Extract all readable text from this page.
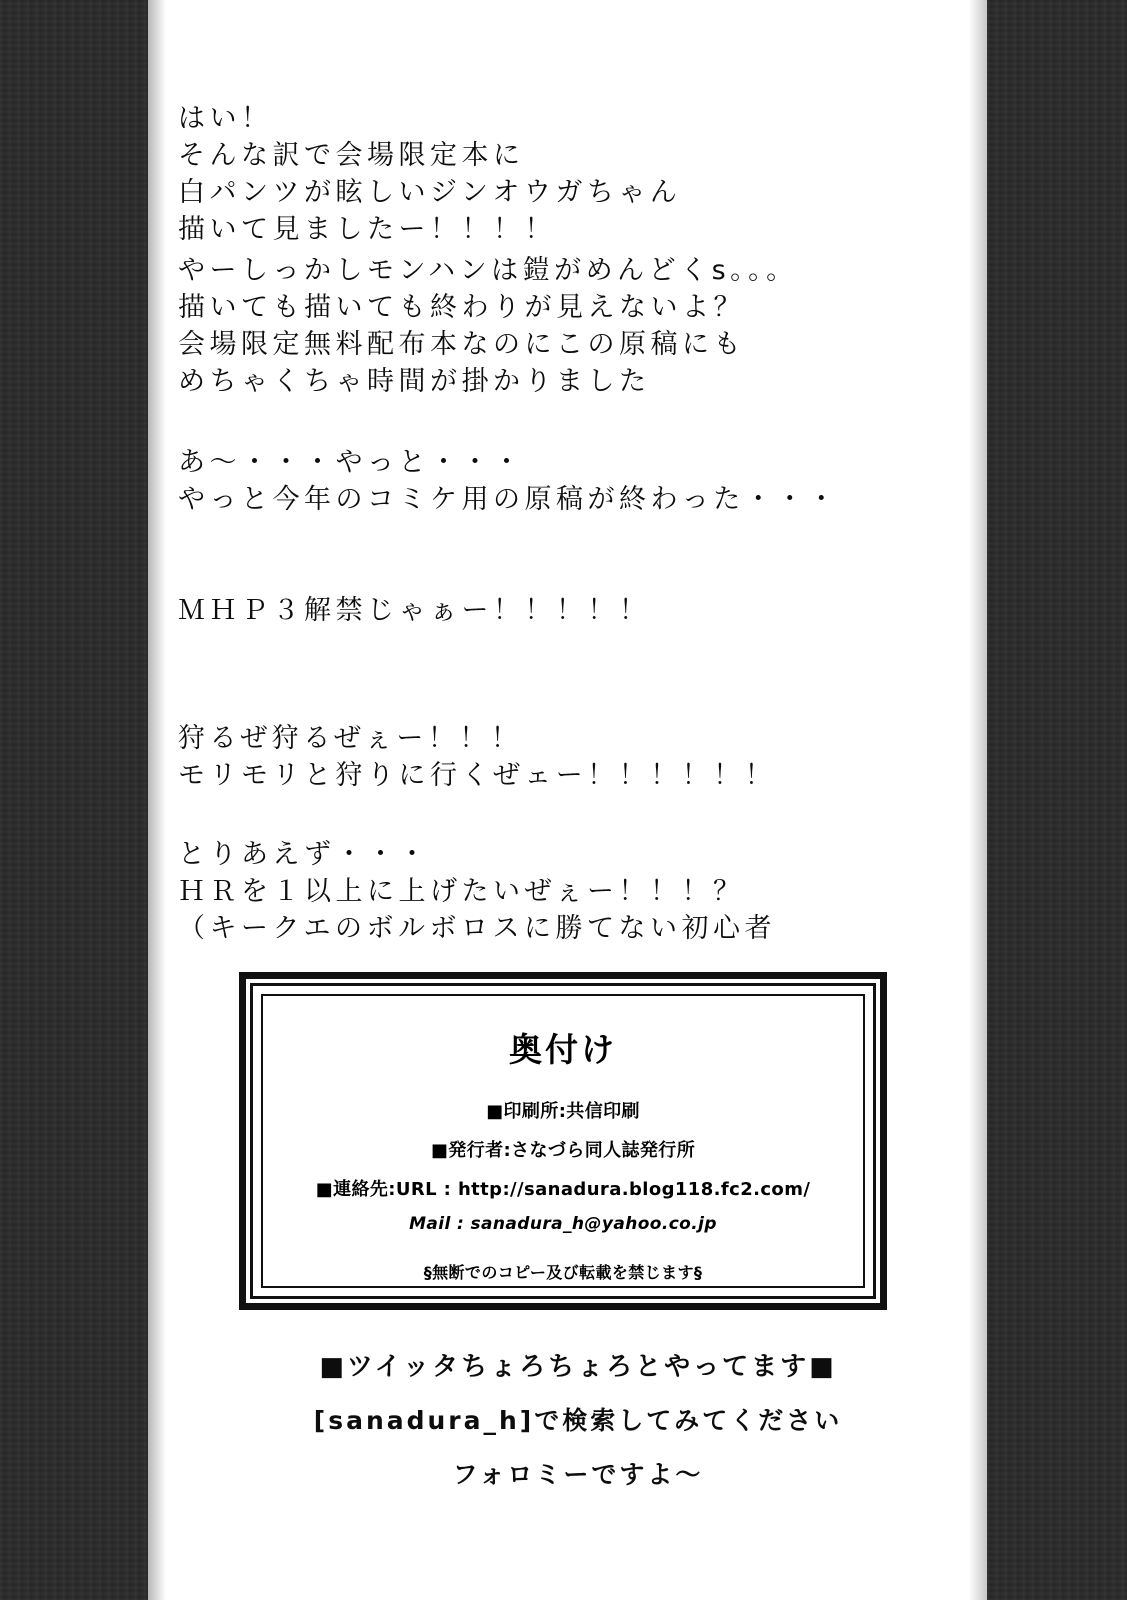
はい！
そんな訳で会場限定本に
白パンツが眩しいジンオウガちゃん
描いて見ましたー！！！！
やーしっかしモンハンは鎧がめんどくs。。。
描いても描いても終わりが見えないよ？
会場限定無料配布本なのにこの原稿にも
めちゃくちゃ時間が掛かりました
あ～・・・やっと・・・
やっと今年のコミケ用の原稿が終わった・・・
ＭＨＰ３解禁じゃぁー！！！！！
狩るぜ狩るぜぇー！！！
モリモリと狩りに行くぜェー！！！！！！
とりあえず・・・
ＨＲを１以上に上げたいぜぇー！！！？
（キークエのボルボロスに勝てない初心者
奥付け
■印刷所:共信印刷
■発行者:さなづら同人誌発行所
■連絡先:URL : http://sanadura.blog118.fc2.com/
Mail : sanadura_h@yahoo.co.jp
§無断でのコピー及び転載を禁じます§
■ツイッタちょろちょろとやってます■
[sanadura_h]で検索してみてください
フォロミーですよ～
